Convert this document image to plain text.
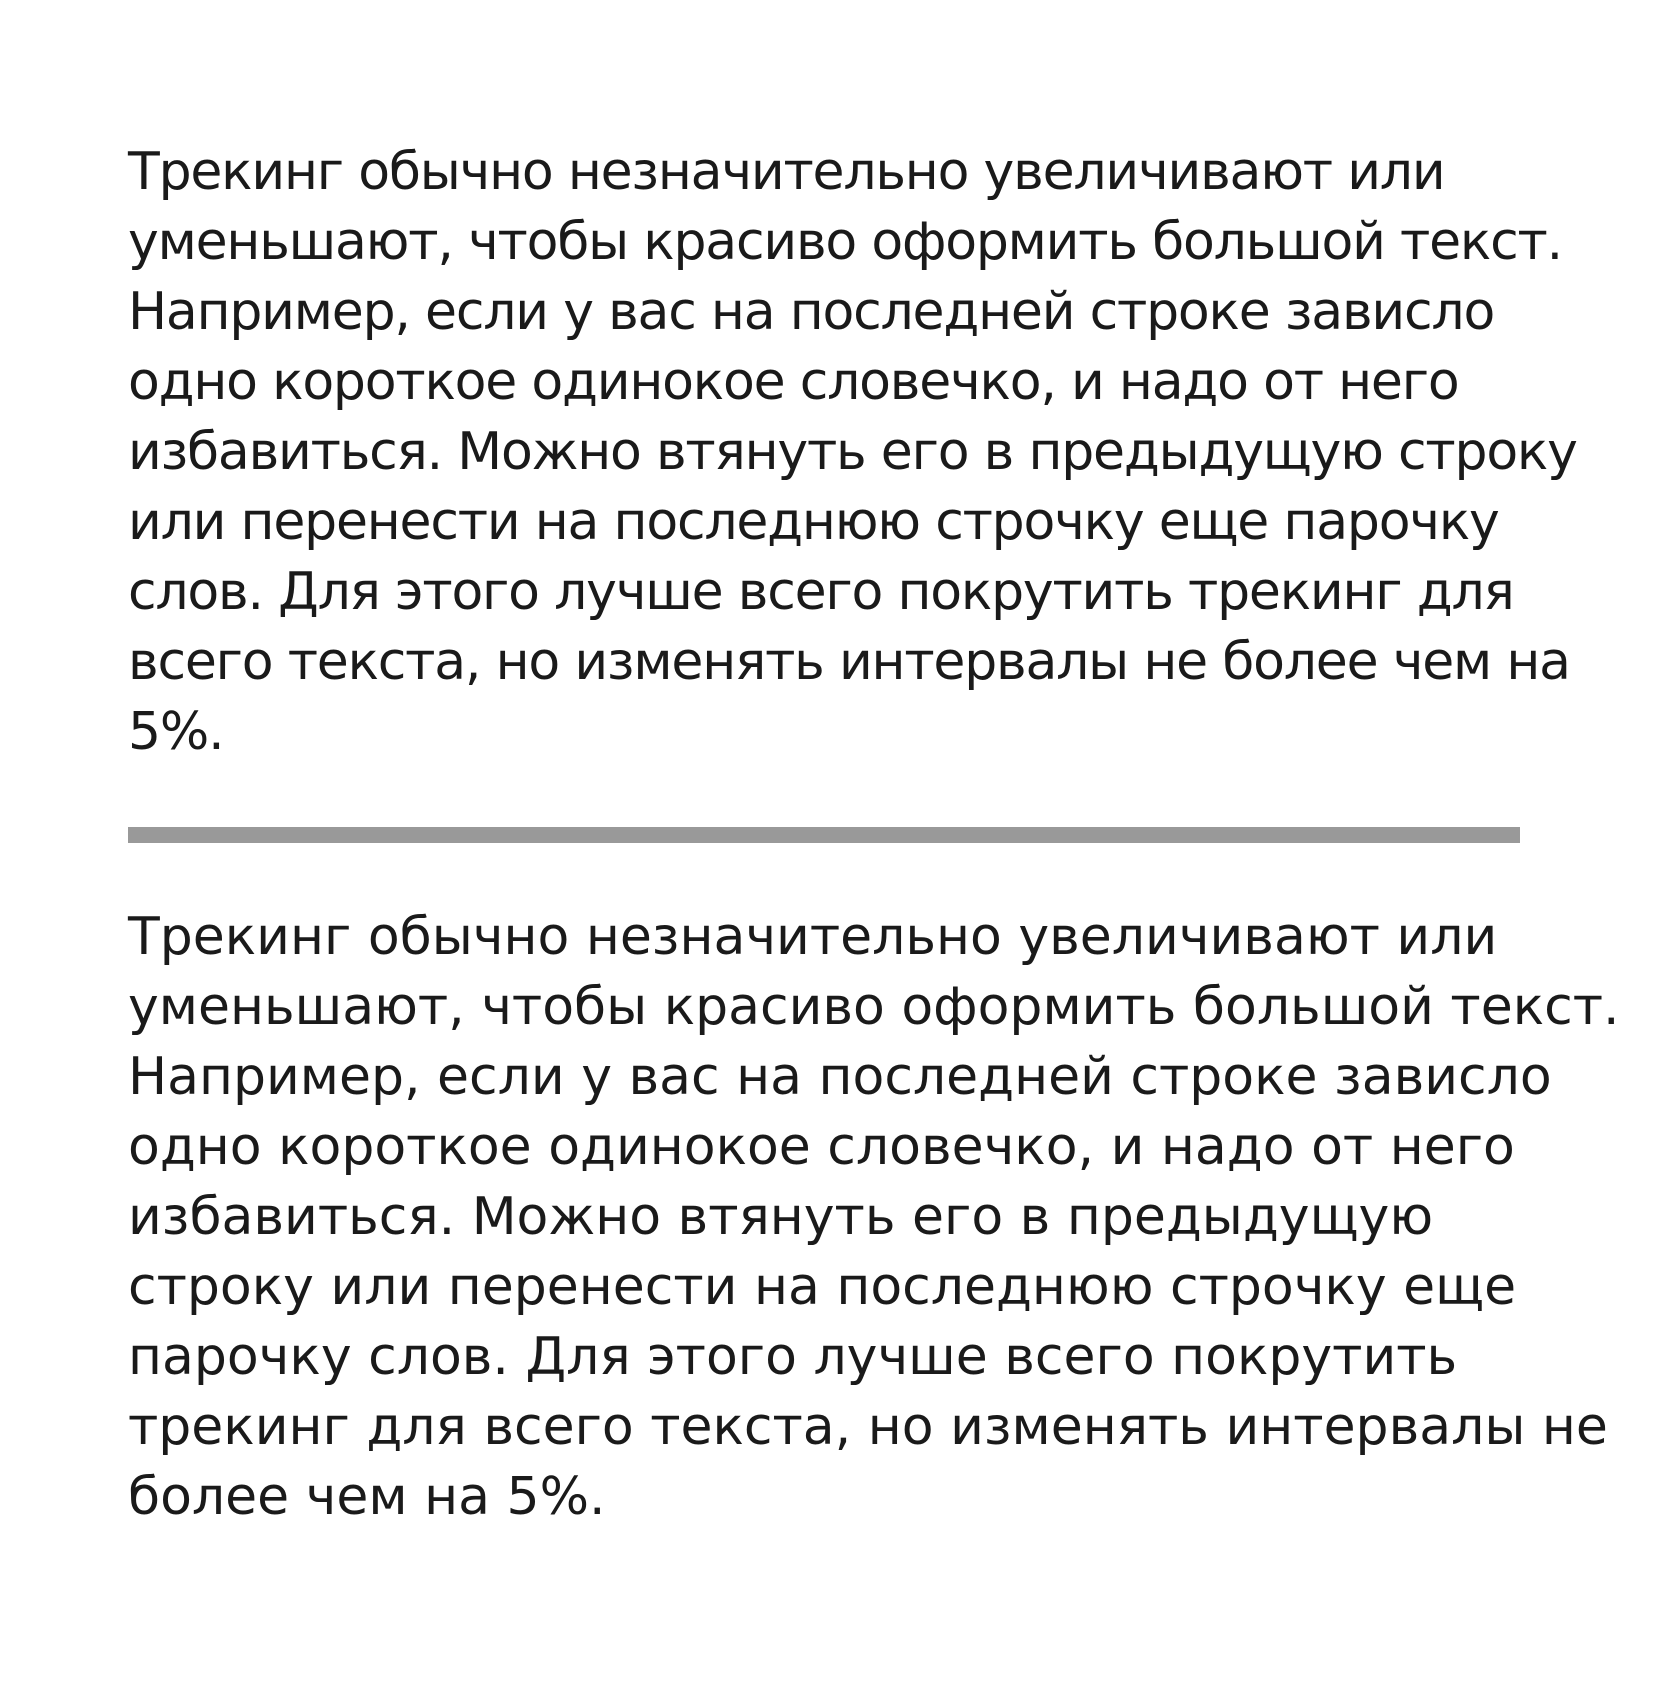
Трекинг обычно незначительно увеличивают или
уменьшают, чтобы красиво оформить большой текст.
Например, если у вас на последней строке зависло
одно короткое одинокое словечко, и надо от него
избавиться. Можно втянуть его в предыдущую строку
или перенести на последнюю строчку еще парочку
слов. Для этого лучше всего покрутить трекинг для
всего текста, но изменять интервалы не более чем на
5%.
Трекинг обычно незначительно увеличивают или
уменьшают, чтобы красиво оформить большой текст.
Например, если у вас на последней строке зависло
одно короткое одинокое словечко, и надо от него
избавиться. Можно втянуть его в предыдущую
строку или перенести на последнюю строчку еще
парочку слов. Для этого лучше всего покрутить
трекинг для всего текста, но изменять интервалы не
более чем на 5%.
